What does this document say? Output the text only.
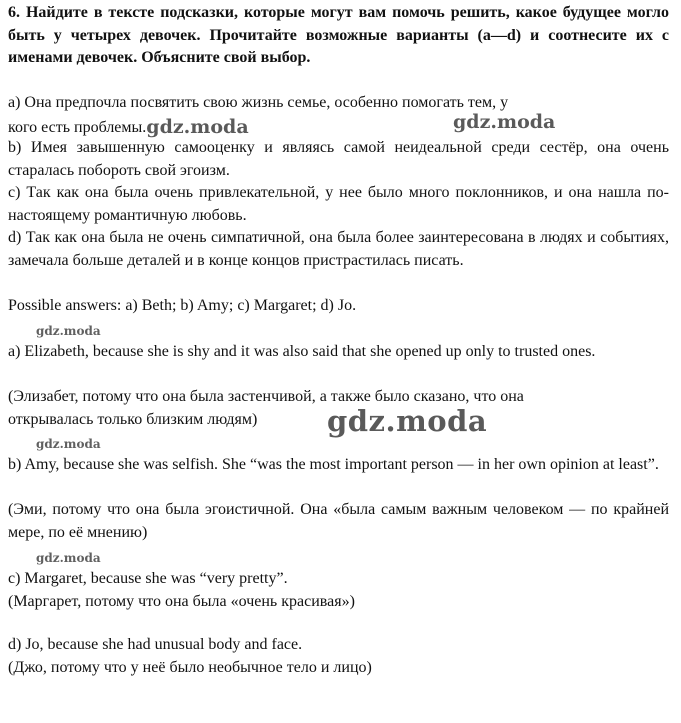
6. Найдите в тексте подсказки, которые могут вам помочь решить, какое будущее могло быть у четырех девочек. Прочитайте возможные варианты (a—d) и соотнесите их с именами девочек. Объясните свой выбор.
a) Она предпочла посвятить свою жизнь семье, особенно помогать тем, у
кого есть проблемы.gdz.moda	gdz.moda
b) Имея завышенную самооценку и являясь самой неидеальной среди сестёр, она очень старалась побороть свой эгоизм.
c) Так как она была очень привлекательной, у нее было много поклонников, и она нашла по-настоящему романтичную любовь.
d) Так как она была не очень симпатичной, она была более заинтересована в людях и событиях, замечала больше деталей и в конце концов пристрастилась писать.
Possible answers: a) Beth; b) Amy; c) Margaret; d) Jo.
gdz.moda
a) Elizabeth, because she is shy and it was also said that she opened up only to trusted ones.
(Элизабет, потому что она была застенчивой, а также было сказано, что она
открывалась только близким людям)	gdz.moda
gdz.moda
b) Amy, because she was selfish. She “was the most important person — in her own opinion at least”.
(Эми, потому что она была эгоистичной. Она «была самым важным человеком — по крайней мере, по её мнению)
gdz.moda
c) Margaret, because she was “very pretty”.
(Маргарет, потому что она была «очень красивая»)
d) Jo, because she had unusual body and face.
(Джо, потому что у неё было необычное тело и лицо)
